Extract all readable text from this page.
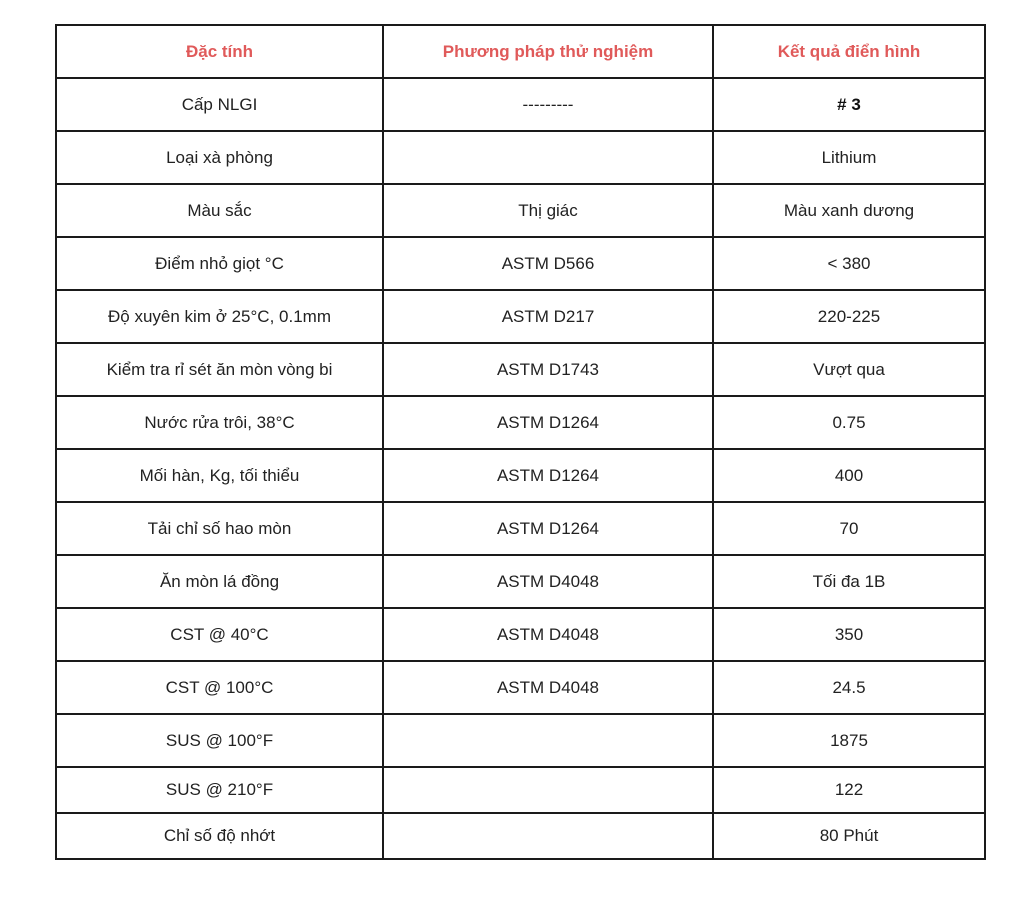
Đặc tính	Phương pháp thử nghiệm	Kết quả điển hình
Cấp NLGI	---------	# 3
Loại xà phòng		Lithium
Màu sắc	Thị giác	Màu xanh dương
Điểm nhỏ giọt °C	ASTM D566	< 380
Độ xuyên kim ở 25°C, 0.1mm	ASTM D217	220-225
Kiểm tra rỉ sét ăn mòn vòng bi	ASTM D1743	Vượt qua
Nước rửa trôi, 38°C	ASTM D1264	0.75
Mối hàn, Kg, tối thiểu	ASTM D1264	400
Tải chỉ số hao mòn	ASTM D1264	70
Ăn mòn lá đồng	ASTM D4048	Tối đa 1B
CST @ 40°C	ASTM D4048	350
CST @ 100°C	ASTM D4048	24.5
SUS @ 100°F		1875
SUS @ 210°F		122
Chỉ số độ nhớt		80 Phút
